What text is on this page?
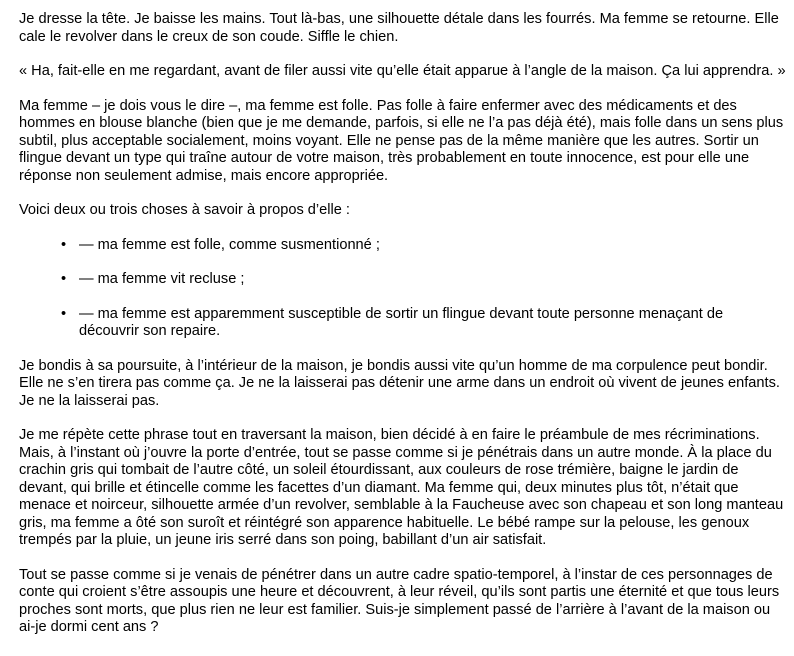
Je dresse la tête. Je baisse les mains. Tout là-bas, une silhouette détale dans les fourrés. Ma femme se retourne. Elle cale le revolver dans le creux de son coude. Siffle le chien.

« Ha, fait-elle en me regardant, avant de filer aussi vite qu’elle était apparue à l’angle de la maison. Ça lui apprendra. »

Ma femme – je dois vous le dire –, ma femme est folle. Pas folle à faire enfermer avec des médicaments et des hommes en blouse blanche (bien que je me demande, parfois, si elle ne l’a pas déjà été), mais folle dans un sens plus subtil, plus acceptable socialement, moins voyant. Elle ne pense pas de la même manière que les autres. Sortir un flingue devant un type qui traîne autour de votre maison, très probablement en toute innocence, est pour elle une réponse non seulement admise, mais encore appropriée.

Voici deux ou trois choses à savoir à propos d’elle :

• — ma femme est folle, comme susmentionné ;
• — ma femme vit recluse ;
• — ma femme est apparemment susceptible de sortir un flingue devant toute personne menaçant de découvrir son repaire.

Je bondis à sa poursuite, à l’intérieur de la maison, je bondis aussi vite qu’un homme de ma corpulence peut bondir. Elle ne s’en tirera pas comme ça. Je ne la laisserai pas détenir une arme dans un endroit où vivent de jeunes enfants. Je ne la laisserai pas.

Je me répète cette phrase tout en traversant la maison, bien décidé à en faire le préambule de mes récriminations. Mais, à l’instant où j’ouvre la porte d’entrée, tout se passe comme si je pénétrais dans un autre monde. À la place du crachin gris qui tombait de l’autre côté, un soleil étourdissant, aux couleurs de rose trémière, baigne le jardin de devant, qui brille et étincelle comme les facettes d’un diamant. Ma femme qui, deux minutes plus tôt, n’était que menace et noirceur, silhouette armée d’un revolver, semblable à la Faucheuse avec son chapeau et son long manteau gris, ma femme a ôté son suroît et réintégré son apparence habituelle. Le bébé rampe sur la pelouse, les genoux trempés par la pluie, un jeune iris serré dans son poing, babillant d’un air satisfait.

Tout se passe comme si je venais de pénétrer dans un autre cadre spatio-temporel, à l’instar de ces personnages de conte qui croient s’être assoupis une heure et découvrent, à leur réveil, qu’ils sont partis une éternité et que tous leurs proches sont morts, que plus rien ne leur est familier. Suis-je simplement passé de l’arrière à l’avant de la maison ou ai-je dormi cent ans ?
